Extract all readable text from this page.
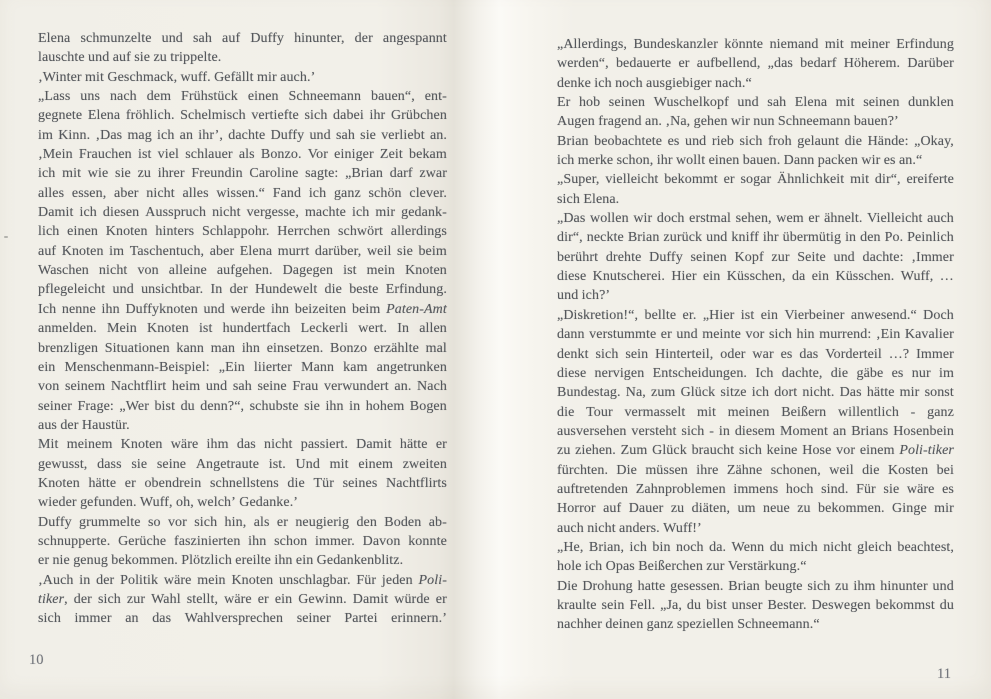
Elena schmunzelte und sah auf Duffy hinunter, der angespannt
lauschte und auf sie zu trippelte.
‚Winter mit Geschmack, wuff. Gefällt mir auch.’
„Lass uns nach dem Frühstück einen Schneemann bauen“, ent-
gegnete Elena fröhlich. Schelmisch vertiefte sich dabei ihr Grübchen
im Kinn. ‚Das mag ich an ihr’, dachte Duffy und sah sie verliebt an.
‚Mein Frauchen ist viel schlauer als Bonzo. Vor einiger Zeit bekam
ich mit wie sie zu ihrer Freundin Caroline sagte: „Brian darf zwar
alles essen, aber nicht alles wissen.“ Fand ich ganz schön clever.
Damit ich diesen Ausspruch nicht vergesse, machte ich mir gedank-
lich einen Knoten hinters Schlappohr. Herrchen schwört allerdings
auf Knoten im Taschentuch, aber Elena murrt darüber, weil sie beim
Waschen nicht von alleine aufgehen. Dagegen ist mein Knoten
pflegeleicht und unsichtbar. In der Hundewelt die beste Erfindung.
Ich nenne ihn Duffyknoten und werde ihn beizeiten beim Paten-Amt
anmelden. Mein Knoten ist hundertfach Leckerli wert. In allen
brenzligen Situationen kann man ihn einsetzen. Bonzo erzählte mal
ein Menschenmann-Beispiel: „Ein liierter Mann kam angetrunken
von seinem Nachtflirt heim und sah seine Frau verwundert an. Nach
seiner Frage: „Wer bist du denn?“, schubste sie ihn in hohem Bogen
aus der Haustür.
Mit meinem Knoten wäre ihm das nicht passiert. Damit hätte er
gewusst, dass sie seine Angetraute ist. Und mit einem zweiten
Knoten hätte er obendrein schnellstens die Tür seines Nachtflirts
wieder gefunden. Wuff, oh, welch’ Gedanke.’
Duffy grummelte so vor sich hin, als er neugierig den Boden ab-
schnupperte. Gerüche faszinierten ihn schon immer. Davon konnte
er nie genug bekommen. Plötzlich ereilte ihn ein Gedankenblitz.
‚Auch in der Politik wäre mein Knoten unschlagbar. Für jeden Poli-
tiker, der sich zur Wahl stellt, wäre er ein Gewinn. Damit würde er
sich immer an das Wahlversprechen seiner Partei erinnern.’
„Allerdings, Bundeskanzler könnte niemand mit meiner Erfindung
werden“, bedauerte er aufbellend, „das bedarf Höherem. Darüber
denke ich noch ausgiebiger nach.“
Er hob seinen Wuschelkopf und sah Elena mit seinen dunklen
Augen fragend an. ‚Na, gehen wir nun Schneemann bauen?’
Brian beobachtete es und rieb sich froh gelaunt die Hände: „Okay,
ich merke schon, ihr wollt einen bauen. Dann packen wir es an.“
„Super, vielleicht bekommt er sogar Ähnlichkeit mit dir“, ereiferte
sich Elena.
„Das wollen wir doch erstmal sehen, wem er ähnelt. Vielleicht auch
dir“, neckte Brian zurück und kniff ihr übermütig in den Po. Peinlich
berührt drehte Duffy seinen Kopf zur Seite und dachte: ‚Immer
diese Knutscherei. Hier ein Küsschen, da ein Küsschen. Wuff, …
und ich?’
„Diskretion!“, bellte er. „Hier ist ein Vierbeiner anwesend.“ Doch
dann verstummte er und meinte vor sich hin murrend: ‚Ein Kavalier
denkt sich sein Hinterteil, oder war es das Vorderteil …? Immer
diese nervigen Entscheidungen. Ich dachte, die gäbe es nur im
Bundestag. Na, zum Glück sitze ich dort nicht. Das hätte mir sonst
die Tour vermasselt mit meinen Beißern willentlich - ganz
ausversehen versteht sich - in diesem Moment an Brians Hosenbein
zu ziehen. Zum Glück braucht sich keine Hose vor einem Poli-tiker
fürchten. Die müssen ihre Zähne schonen, weil die Kosten bei
auftretenden Zahnproblemen immens hoch sind. Für sie wäre es
Horror auf Dauer zu diäten, um neue zu bekommen. Ginge mir
auch nicht anders. Wuff!’
„He, Brian, ich bin noch da. Wenn du mich nicht gleich beachtest,
hole ich Opas Beißerchen zur Verstärkung.“
Die Drohung hatte gesessen. Brian beugte sich zu ihm hinunter und
kraulte sein Fell. „Ja, du bist unser Bester. Deswegen bekommst du
nachher deinen ganz speziellen Schneemann.“
10
11
